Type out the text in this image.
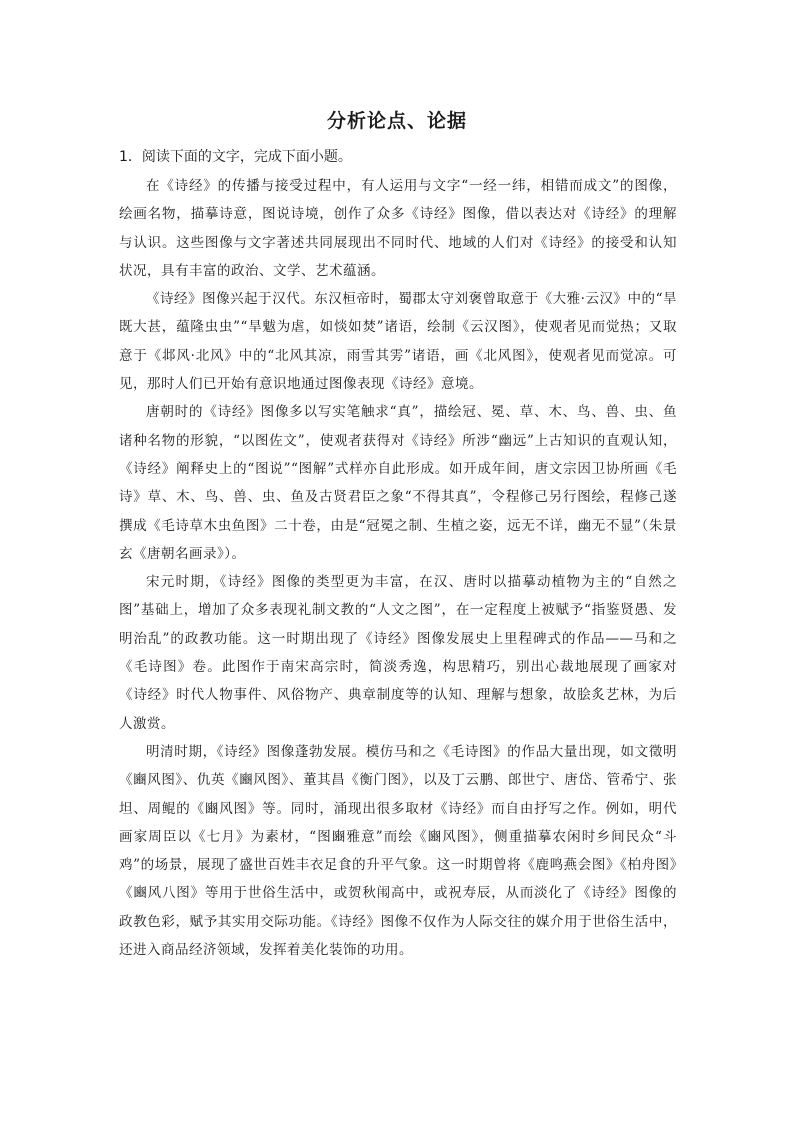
分析论点、论据

1．阅读下面的文字，完成下面小题。

在《诗经》的传播与接受过程中，有人运用与文字“一经一纬，相错而成文”的图像，绘画名物，描摹诗意，图说诗境，创作了众多《诗经》图像，借以表达对《诗经》的理解与认识。这些图像与文字著述共同展现出不同时代、地域的人们对《诗经》的接受和认知状况，具有丰富的政治、文学、艺术蕴涵。

《诗经》图像兴起于汉代。东汉桓帝时，蜀郡太守刘褒曾取意于《大雅·云汉》中的“旱既大甚，蕴隆虫虫”“旱魃为虐，如惔如焚”诸语，绘制《云汉图》，使观者见而觉热；又取意于《邶风·北风》中的“北风其凉，雨雪其雱”诸语，画《北风图》，使观者见而觉凉。可见，那时人们已开始有意识地通过图像表现《诗经》意境。

唐朝时的《诗经》图像多以写实笔触求“真”，描绘冠、冕、草、木、鸟、兽、虫、鱼诸种名物的形貌，“以图佐文”，使观者获得对《诗经》所涉“幽远”上古知识的直观认知，《诗经》阐释史上的“图说”“图解”式样亦自此形成。如开成年间，唐文宗因卫协所画《毛诗》草、木、鸟、兽、虫、鱼及古贤君臣之象“不得其真”，令程修己另行图绘，程修己遂撰成《毛诗草木虫鱼图》二十卷，由是“冠冕之制、生植之姿，远无不详，幽无不显”（朱景玄《唐朝名画录》）。

宋元时期，《诗经》图像的类型更为丰富，在汉、唐时以描摹动植物为主的“自然之图”基础上，增加了众多表现礼制文教的“人文之图”，在一定程度上被赋予“指鉴贤愚、发明治乱”的政教功能。这一时期出现了《诗经》图像发展史上里程碑式的作品——马和之《毛诗图》卷。此图作于南宋高宗时，简淡秀逸，构思精巧，别出心裁地展现了画家对《诗经》时代人物事件、风俗物产、典章制度等的认知、理解与想象，故脍炙艺林，为后人激赏。

明清时期，《诗经》图像蓬勃发展。模仿马和之《毛诗图》的作品大量出现，如文徵明《豳风图》、仇英《豳风图》、董其昌《衡门图》，以及丁云鹏、郎世宁、唐岱、管希宁、张坦、周鲲的《豳风图》等。同时，涌现出很多取材《诗经》而自由抒写之作。例如，明代画家周臣以《七月》为素材，“图豳雅意”而绘《豳风图》，侧重描摹农闲时乡间民众“斗鸡”的场景，展现了盛世百姓丰衣足食的升平气象。这一时期曾将《鹿鸣燕会图》《柏舟图》《豳风八图》等用于世俗生活中，或贺秋闱高中，或祝寿辰，从而淡化了《诗经》图像的政教色彩，赋予其实用交际功能。《诗经》图像不仅作为人际交往的媒介用于世俗生活中，还进入商品经济领域，发挥着美化装饰的功用。
